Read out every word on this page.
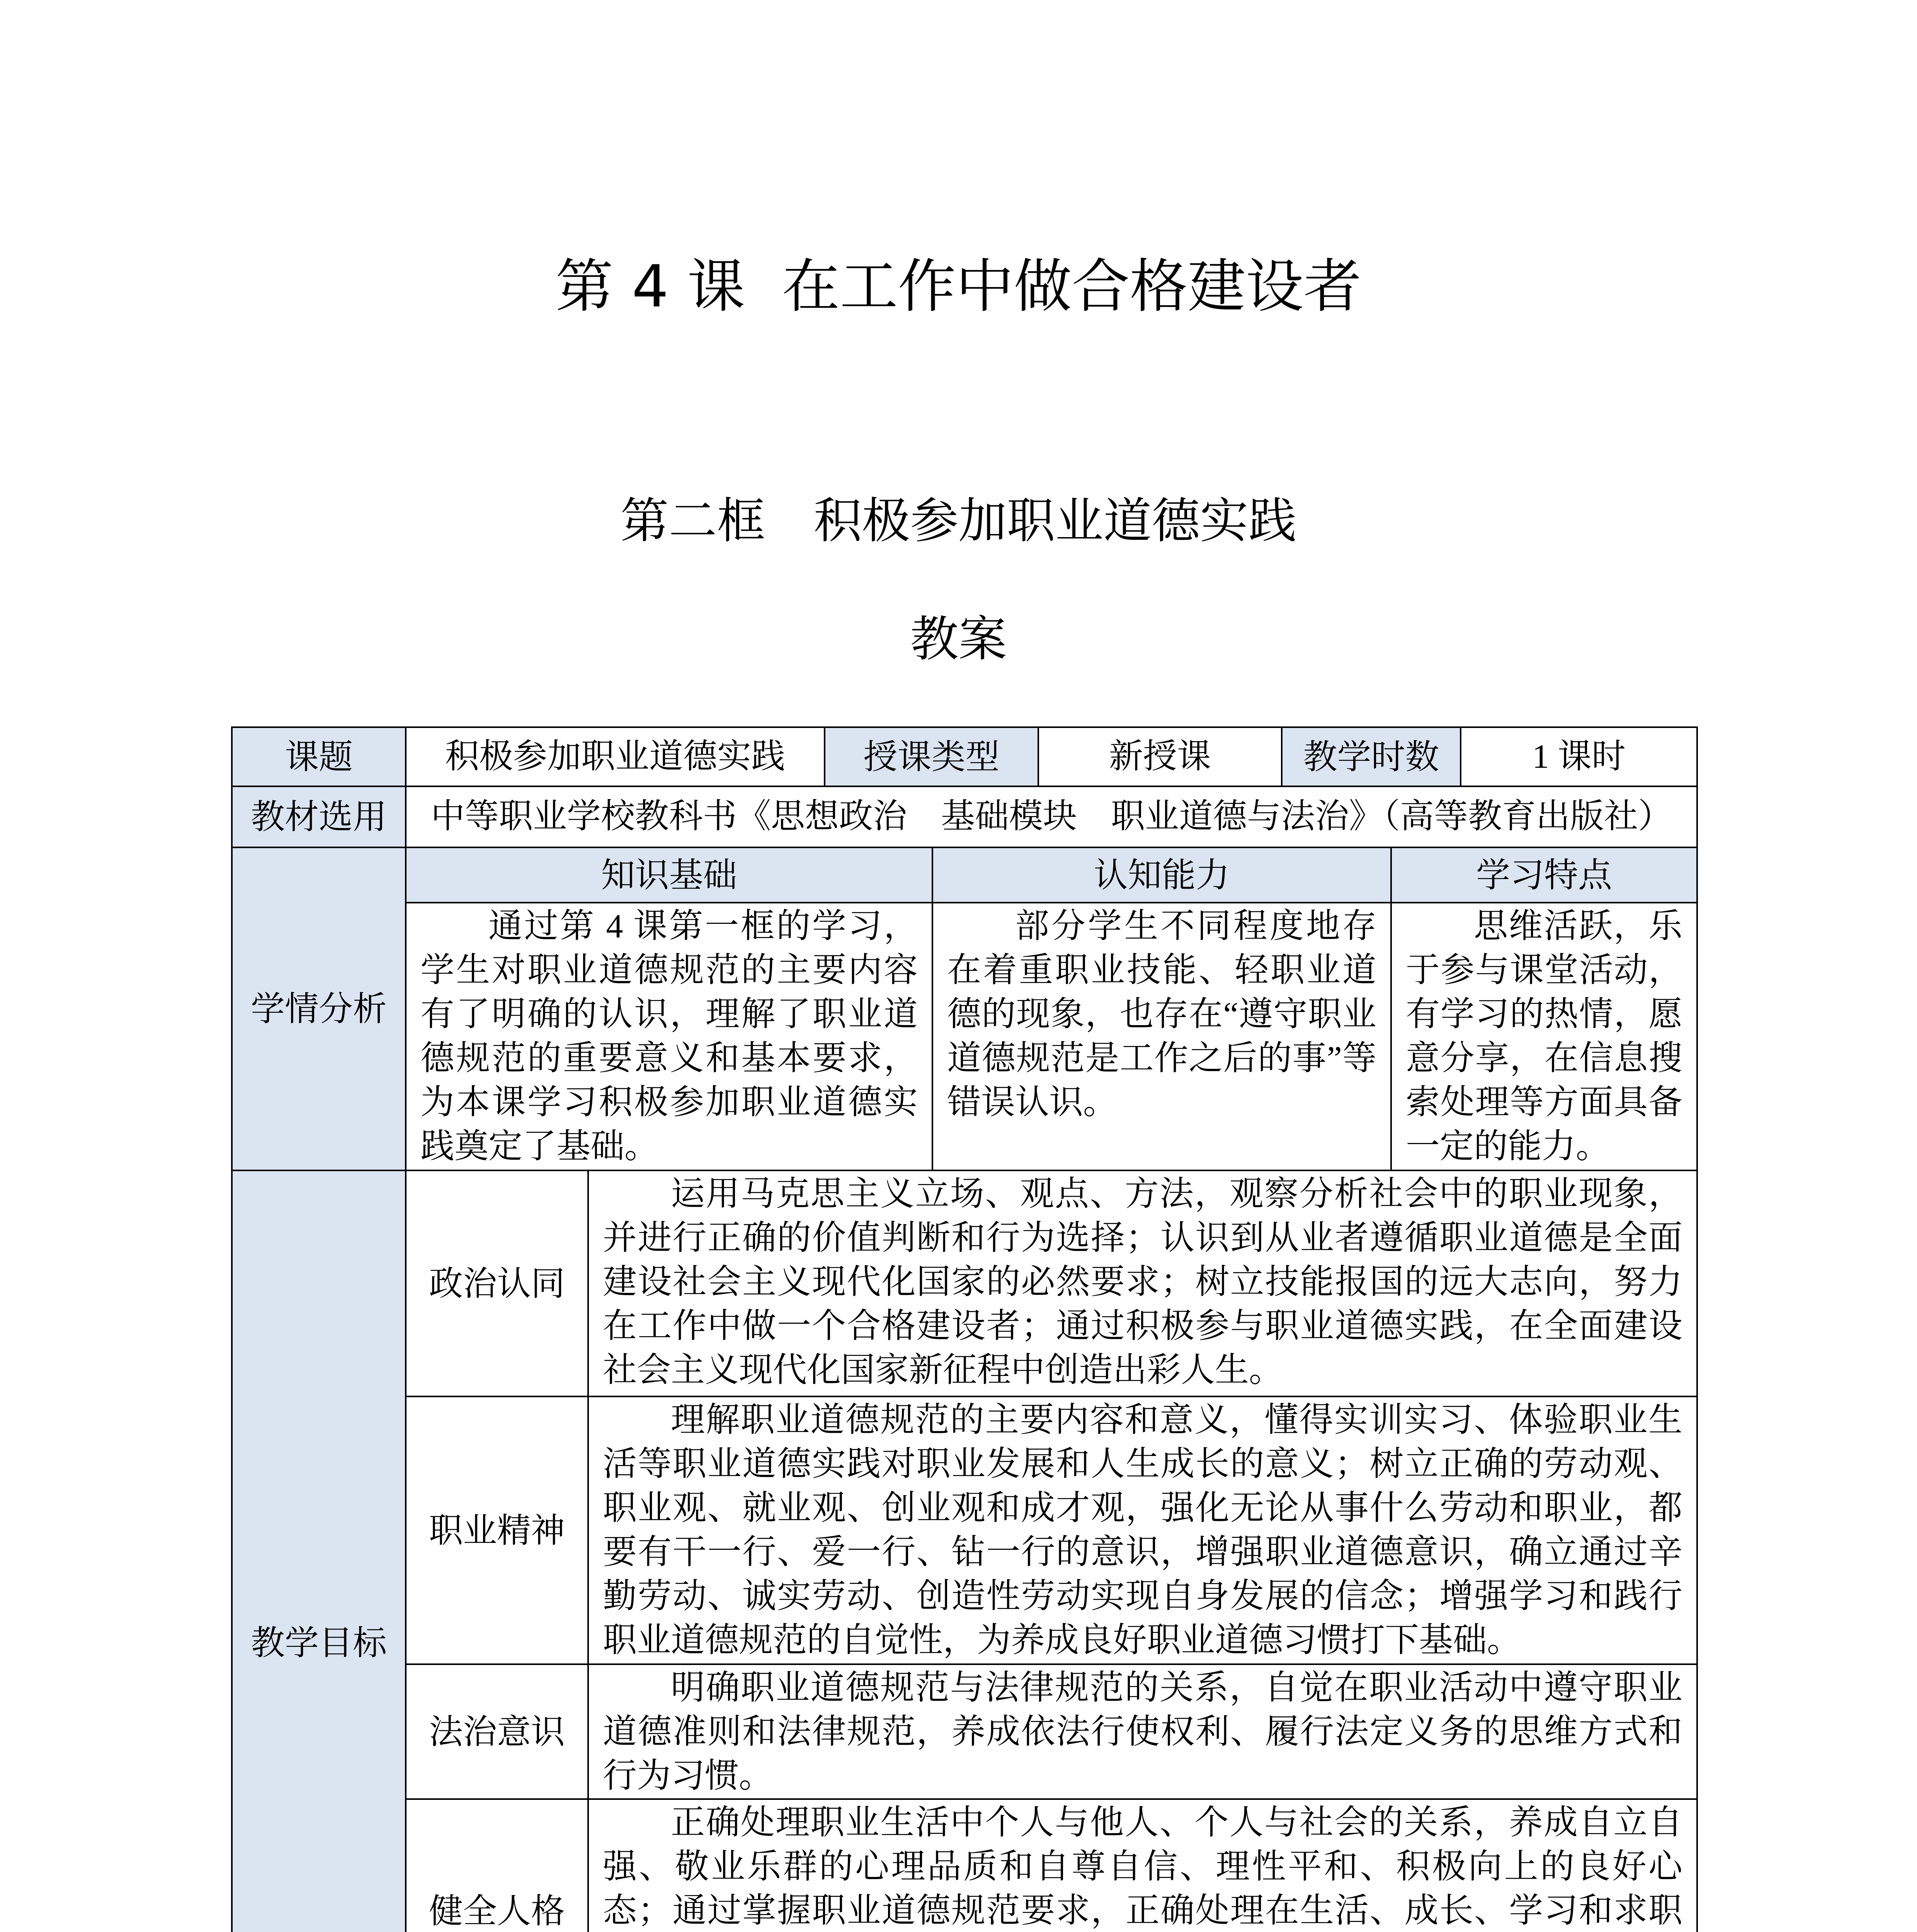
第 4 课  在工作中做合格建设者
第二框　积极参加职业道德实践
教案
课题	积极参加职业道德实践		授课类型		新授课	教学时数		1 课时
教材选用	中等职业学校教科书《思想政治　基础模块　职业道德与法治》（高等教育出版社）							
学情分析	知识基础			认知能力			学习特点	
	通过第 4 课第一框的学习，学生对职业道德规范的主要内容有了明确的认识，理解了职业道德规范的重要意义和基本要求，为本课学习积极参加职业道德实践奠定了基础。			部分学生不同程度地存在着重职业技能、轻职业道德的现象，也存在“遵守职业道德规范是工作之后的事”等错误认识。			思维活跃，乐于参与课堂活动，有学习的热情，愿意分享，在信息搜索处理等方面具备一定的能力。	
教学目标	政治认同	运用马克思主义立场、观点、方法，观察分析社会中的职业现象，并进行正确的价值判断和行为选择；认识到从业者遵循职业道德是全面建设社会主义现代化国家的必然要求；树立技能报国的远大志向，努力在工作中做一个合格建设者；通过积极参与职业道德实践，在全面建设社会主义现代化国家新征程中创造出彩人生。						
	职业精神	理解职业道德规范的主要内容和意义，懂得实训实习、体验职业生活等职业道德实践对职业发展和人生成长的意义；树立正确的劳动观、职业观、就业观、创业观和成才观，强化无论从事什么劳动和职业，都要有干一行、爱一行、钻一行的意识，增强职业道德意识，确立通过辛勤劳动、诚实劳动、创造性劳动实现自身发展的信念；增强学习和践行职业道德规范的自觉性，为养成良好职业道德习惯打下基础。						
	法治意识	明确职业道德规范与法律规范的关系，自觉在职业活动中遵守职业道德准则和法律规范，养成依法行使权利、履行法定义务的思维方式和行为习惯。						
	健全人格	正确处理职业生活中个人与他人、个人与社会的关系，养成自立自强、敬业乐群的心理品质和自尊自信、理性平和、积极向上的良好心态；通过掌握职业道德规范要求，正确处理在生活、成长、学习和求职						
